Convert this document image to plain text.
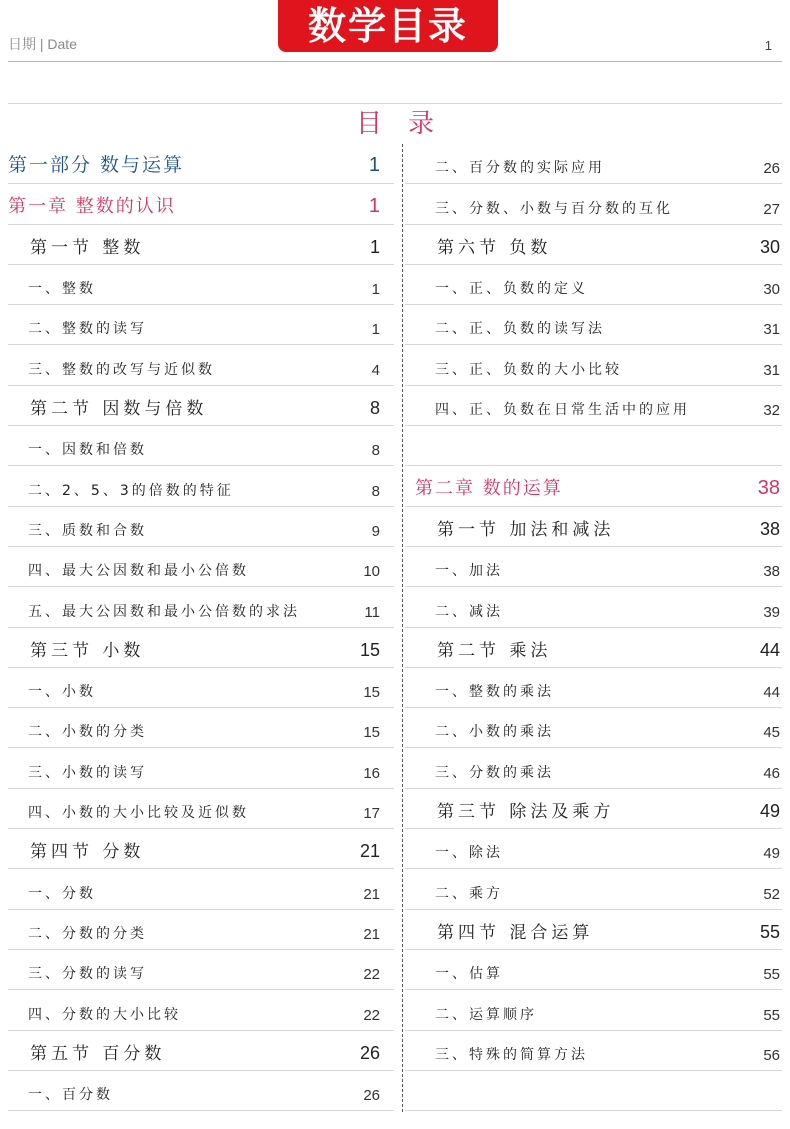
日期 | Date	数学目录	1
目录
第一部分 数与运算	1
第一章 整数的认识	1
第一节 整数	1
一、整数	1
二、整数的读写	1
三、整数的改写与近似数	4
第二节 因数与倍数	8
一、因数和倍数	8
二、2、5、3的倍数的特征	8
三、质数和合数	9
四、最大公因数和最小公倍数	10
五、最大公因数和最小公倍数的求法	11
第三节 小数	15
一、小数	15
二、小数的分类	15
三、小数的读写	16
四、小数的大小比较及近似数	17
第四节 分数	21
一、分数	21
二、分数的分类	21
三、分数的读写	22
四、分数的大小比较	22
第五节 百分数	26
一、百分数	26
二、百分数的实际应用	26
三、分数、小数与百分数的互化	27
第六节 负数	30
一、正、负数的定义	30
二、正、负数的读写法	31
三、正、负数的大小比较	31
四、正、负数在日常生活中的应用	32
第二章 数的运算	38
第一节 加法和减法	38
一、加法	38
二、减法	39
第二节 乘法	44
一、整数的乘法	44
二、小数的乘法	45
三、分数的乘法	46
第三节 除法及乘方	49
一、除法	49
二、乘方	52
第四节 混合运算	55
一、估算	55
二、运算顺序	55
三、特殊的简算方法	56
